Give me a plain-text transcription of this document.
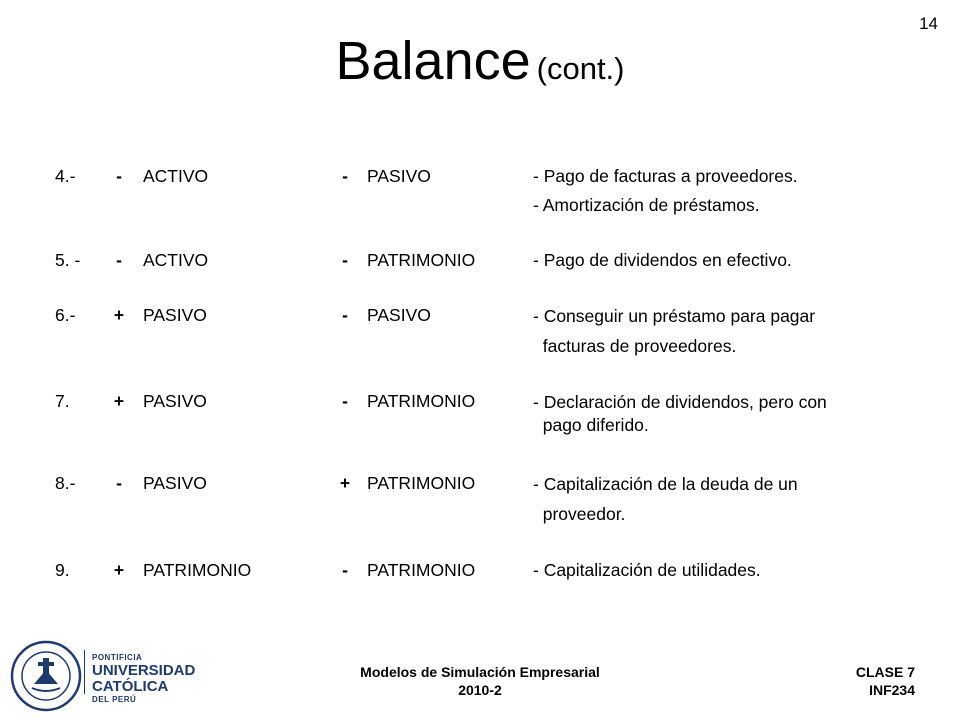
14
Balance (cont.)
4.-	-	ACTIVO	-	PASIVO	- Pago de facturas a proveedores.
- Amortización de préstamos.
5. -	-	ACTIVO	-	PATRIMONIO	- Pago de dividendos en efectivo.
6.- + PASIVO	-	PASIVO	- Conseguir un préstamo para pagar
facturas de proveedores.
7.	+ PASIVO	-	PATRIMONIO	- Declaración de dividendos, pero con
pago diferido.
8.-	-	PASIVO	+ PATRIMONIO	- Capitalización de la deuda de un
proveedor.
9.	+ PATRIMONIO	-	PATRIMONIO	- Capitalización de utilidades.
PONTIFICIA
UNIVERSIDAD
CATÓLICA
DEL PERÚ
Modelos de Simulación Empresarial
2010-2
CLASE 7
INF234
